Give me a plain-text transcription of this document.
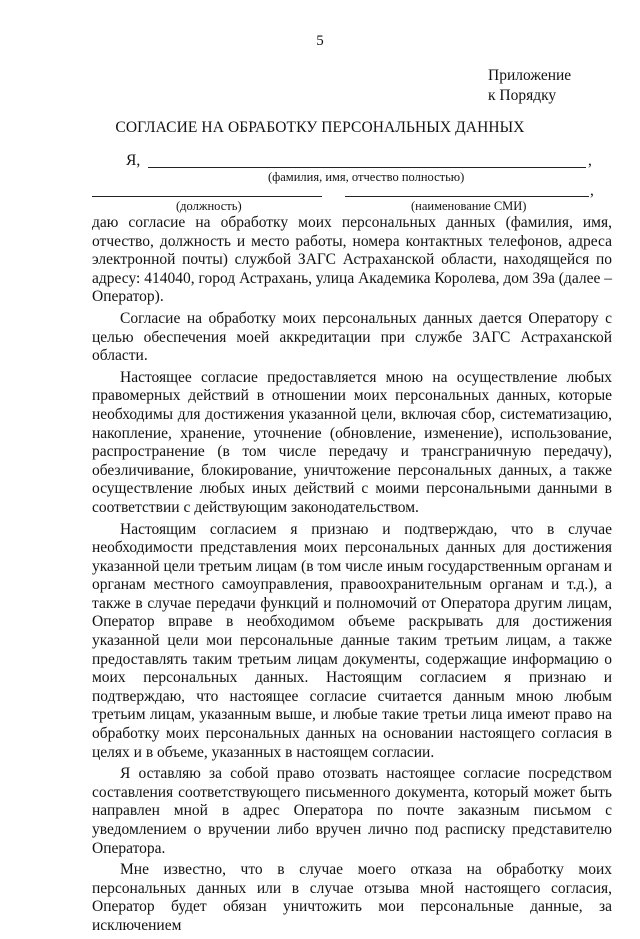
5
Приложение
к Порядку
СОГЛАСИЕ НА ОБРАБОТКУ ПЕРСОНАЛЬНЫХ ДАННЫХ
Я,	,
(фамилия, имя, отчество полностью)
,
(должность)	(наименование СМИ)

даю согласие на обработку моих персональных данных (фамилия, имя, отчество, должность и место работы, номера контактных телефонов, адреса электронной почты) службой ЗАГС Астраханской области, находящейся по адресу: 414040, город Астрахань, улица Академика Королева, дом 39а (далее – Оператор).

Согласие на обработку моих персональных данных дается Оператору с целью обеспечения моей аккредитации при службе ЗАГС Астраханской области.

Настоящее согласие предоставляется мною на осуществление любых правомерных действий в отношении моих персональных данных, которые необходимы для достижения указанной цели, включая сбор, систематизацию, накопление, хранение, уточнение (обновление, изменение), использование, распространение (в том числе передачу и трансграничную передачу), обезличивание, блокирование, уничтожение персональных данных, а также осуществление любых иных действий с моими персональными данными в соответствии с действующим законодательством.

Настоящим согласием я признаю и подтверждаю, что в случае необходимости представления моих персональных данных для достижения указанной цели третьим лицам (в том числе иным государственным органам и органам местного самоуправления, правоохранительным органам и т.д.), а также в случае передачи функций и полномочий от Оператора другим лицам, Оператор вправе в необходимом объеме раскрывать для достижения указанной цели мои персональные данные таким третьим лицам, а также предоставлять таким третьим лицам документы, содержащие информацию о моих персональных данных. Настоящим согласием я признаю и подтверждаю, что настоящее согласие считается данным мною любым третьим лицам, указанным выше, и любые такие третьи лица имеют право на обработку моих персональных данных на основании настоящего согласия в целях и в объеме, указанных в настоящем согласии.

Я оставляю за собой право отозвать настоящее согласие посредством составления соответствующего письменного документа, который может быть направлен мной в адрес Оператора по почте заказным письмом с уведомлением о вручении либо вручен лично под расписку представителю Оператора.

Мне известно, что в случае моего отказа на обработку моих персональных данных или в случае отзыва мной настоящего согласия, Оператор будет обязан уничтожить мои персональные данные, за исключением
